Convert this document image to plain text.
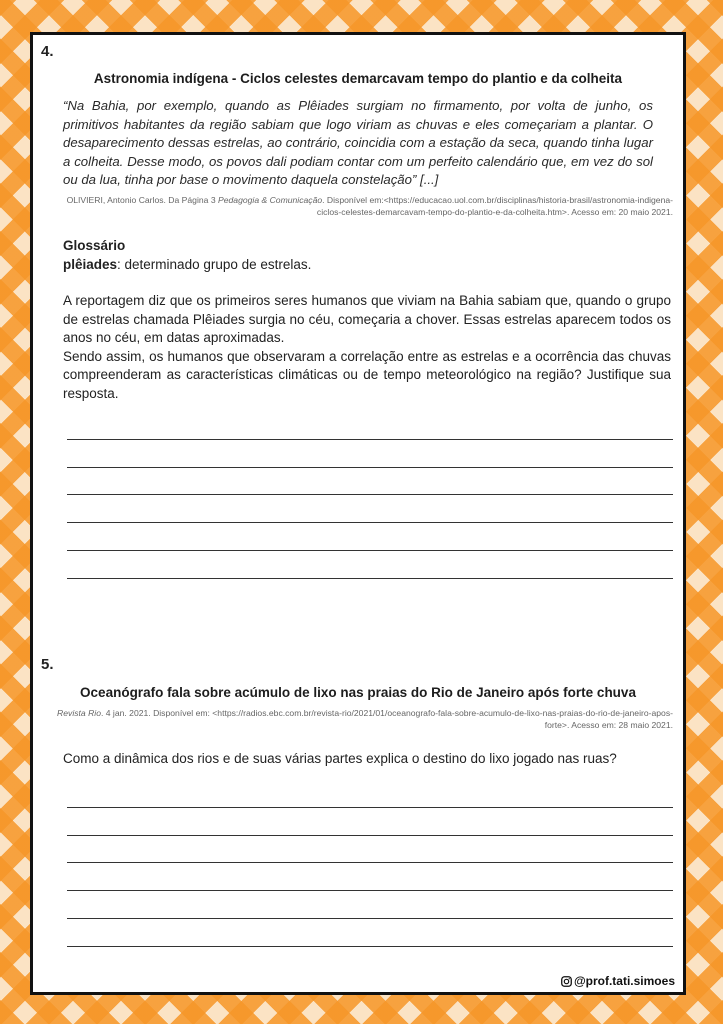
4.
Astronomia indígena - Ciclos celestes demarcavam tempo do plantio e da colheita
“Na Bahia, por exemplo, quando as Plêiades surgiam no firmamento, por volta de junho, os primitivos habitantes da região sabiam que logo viriam as chuvas e eles começariam a plantar. O desaparecimento dessas estrelas, ao contrário, coincidia com a estação da seca, quando tinha lugar a colheita. Desse modo, os povos dali podiam contar com um perfeito calendário que, em vez do sol ou da lua, tinha por base o movimento daquela constelação” [...]
OLIVIERI, Antonio Carlos. Da Página 3 Pedagogia & Comunicação. Disponível em:<https://educacao.uol.com.br/disciplinas/historia-brasil/astronomia-indigena-ciclos-celestes-demarcavam-tempo-do-plantio-e-da-colheita.htm>. Acesso em: 20 maio 2021.
Glossário
plêiades: determinado grupo de estrelas.
A reportagem diz que os primeiros seres humanos que viviam na Bahia sabiam que, quando o grupo de estrelas chamada Plêiades surgia no céu, começaria a chover. Essas estrelas aparecem todos os anos no céu, em datas aproximadas.
Sendo assim, os humanos que observaram a correlação entre as estrelas e a ocorrência das chuvas compreenderam as características climáticas ou de tempo meteorológico na região? Justifique sua resposta.
5.
Oceanógrafo fala sobre acúmulo de lixo nas praias do Rio de Janeiro após forte chuva
Revista Rio. 4 jan. 2021. Disponível em: <https://radios.ebc.com.br/revista-rio/2021/01/oceanografo-fala-sobre-acumulo-de-lixo-nas-praias-do-rio-de-janeiro-apos-forte>. Acesso em: 28 maio 2021.
Como a dinâmica dos rios e de suas várias partes explica o destino do lixo jogado nas ruas?
@prof.tati.simoes
